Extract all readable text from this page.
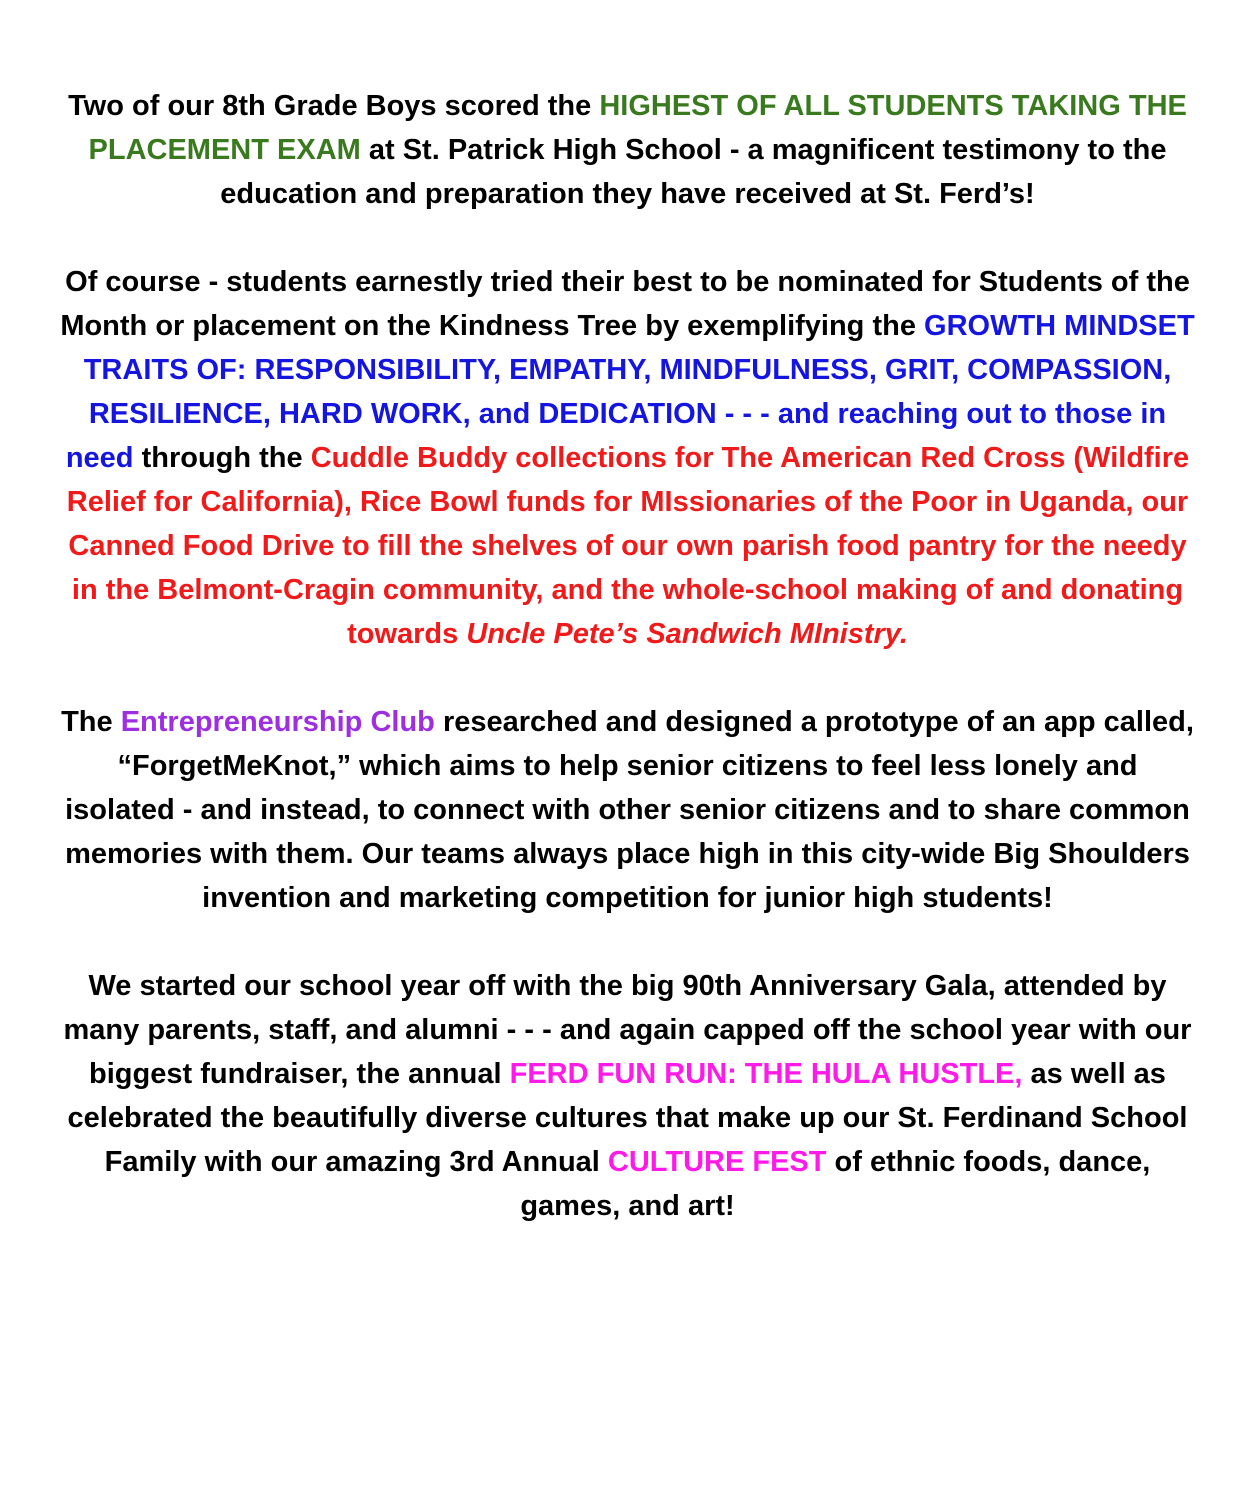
Two of our 8th Grade Boys scored the HIGHEST OF ALL STUDENTS TAKING THE PLACEMENT EXAM at St. Patrick High School - a magnificent testimony to the education and preparation they have received at St. Ferd’s!

Of course - students earnestly tried their best to be nominated for Students of the Month or placement on the Kindness Tree by exemplifying the GROWTH MINDSET TRAITS OF: RESPONSIBILITY, EMPATHY, MINDFULNESS, GRIT, COMPASSION, RESILIENCE, HARD WORK, and DEDICATION - - - and reaching out to those in need through the Cuddle Buddy collections for The American Red Cross (Wildfire Relief for California), Rice Bowl funds for MIssionaries of the Poor in Uganda, our Canned Food Drive to fill the shelves of our own parish food pantry for the needy in the Belmont-Cragin community, and the whole-school making of and donating towards Uncle Pete’s Sandwich MInistry.

The Entrepreneurship Club researched and designed a prototype of an app called, “ForgetMeKnot,” which aims to help senior citizens to feel less lonely and isolated - and instead, to connect with other senior citizens and to share common memories with them. Our teams always place high in this city-wide Big Shoulders invention and marketing competition for junior high students!

We started our school year off with the big 90th Anniversary Gala, attended by many parents, staff, and alumni - - - and again capped off the school year with our biggest fundraiser, the annual FERD FUN RUN: THE HULA HUSTLE, as well as celebrated the beautifully diverse cultures that make up our St. Ferdinand School Family with our amazing 3rd Annual CULTURE FEST of ethnic foods, dance, games, and art!
